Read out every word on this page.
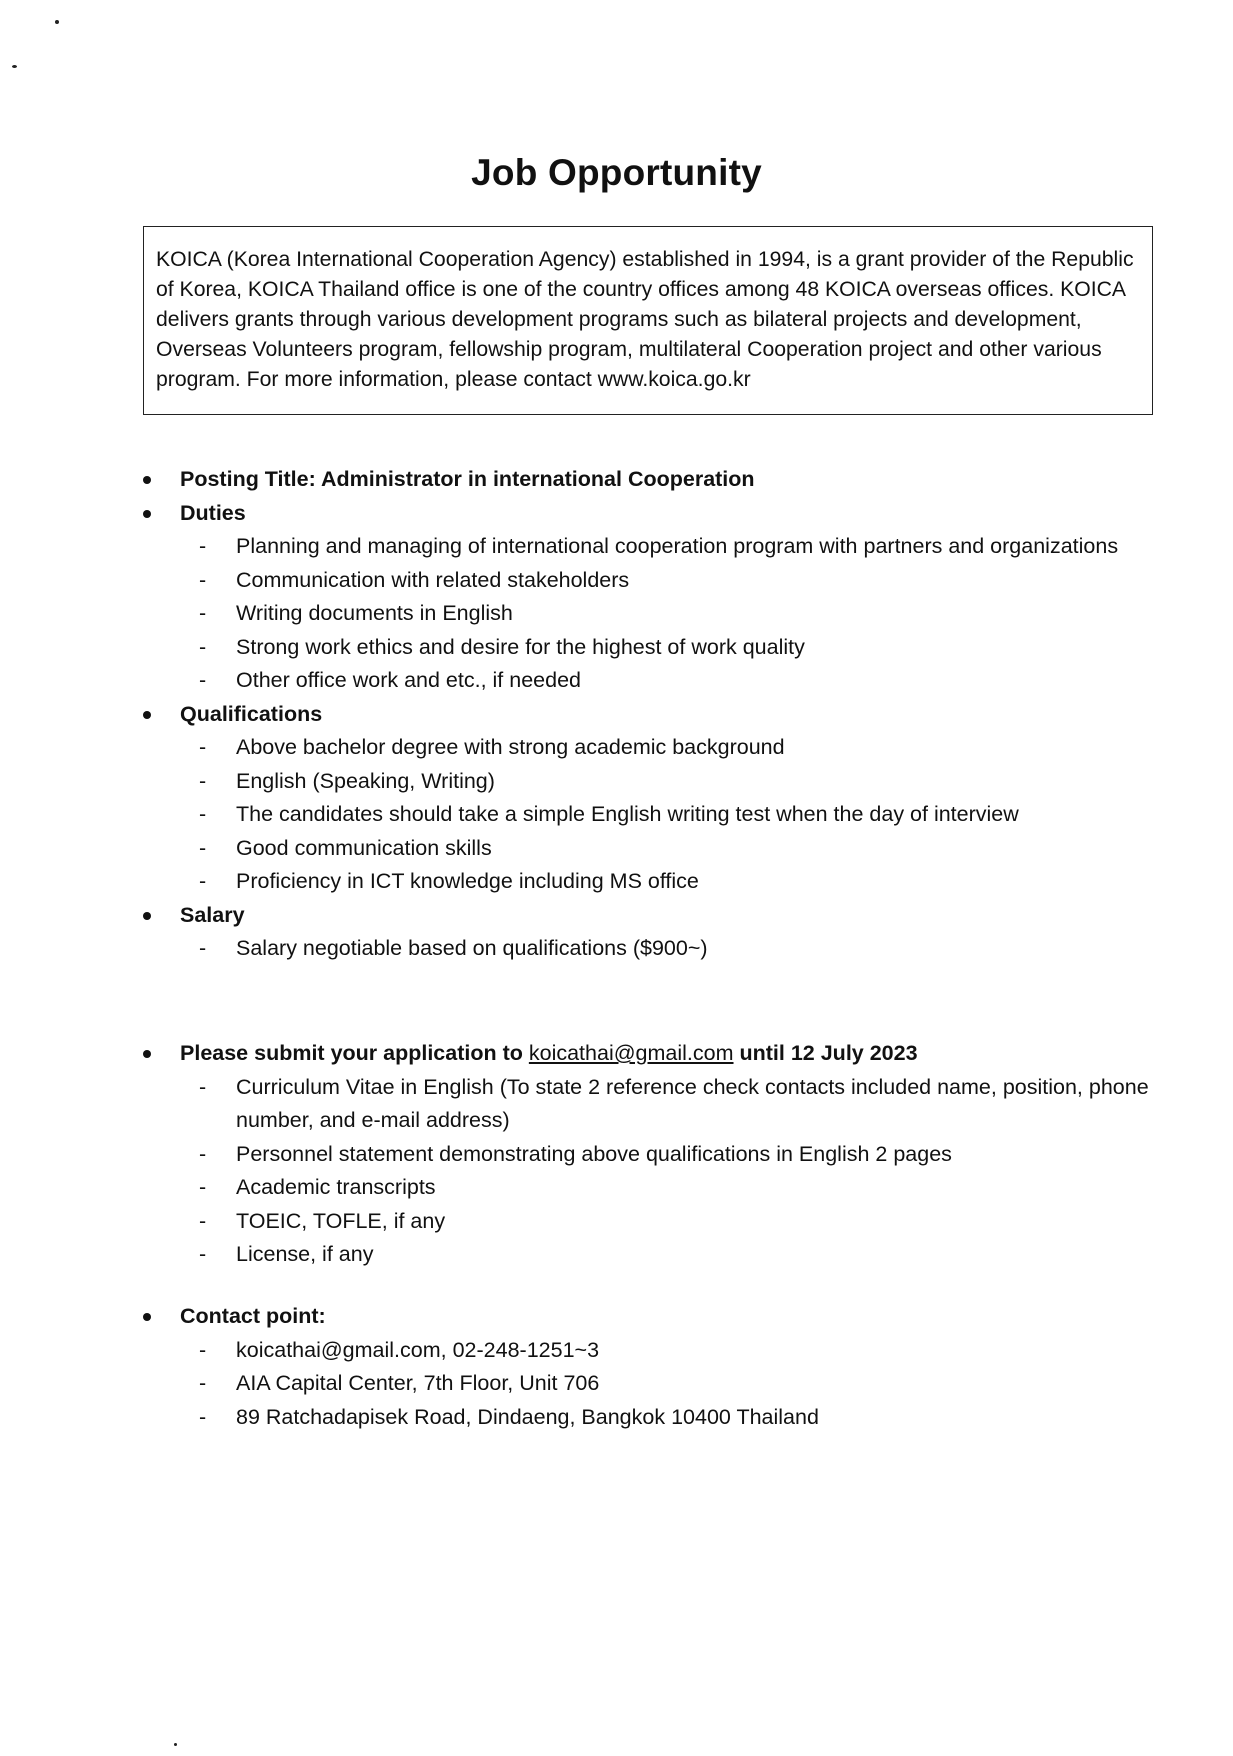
Job Opportunity

KOICA (Korea International Cooperation Agency) established in 1994, is a grant provider of the Republic of Korea, KOICA Thailand office is one of the country offices among 48 KOICA overseas offices. KOICA delivers grants through various development programs such as bilateral projects and development, Overseas Volunteers program, fellowship program, multilateral Cooperation project and other various program. For more information, please contact www.koica.go.kr

Posting Title: Administrator in international Cooperation
Duties
- Planning and managing of international cooperation program with partners and organizations
- Communication with related stakeholders
- Writing documents in English
- Strong work ethics and desire for the highest of work quality
- Other office work and etc., if needed
Qualifications
- Above bachelor degree with strong academic background
- English (Speaking, Writing)
- The candidates should take a simple English writing test when the day of interview
- Good communication skills
- Proficiency in ICT knowledge including MS office
Salary
- Salary negotiable based on qualifications ($900~)
Please submit your application to koicathai@gmail.com until 12 July 2023
- Curriculum Vitae in English (To state 2 reference check contacts included name, position, phone number, and e-mail address)
- Personnel statement demonstrating above qualifications in English 2 pages
- Academic transcripts
- TOEIC, TOFLE, if any
- License, if any
Contact point:
- koicathai@gmail.com, 02-248-1251~3
- AIA Capital Center, 7th Floor, Unit 706
- 89 Ratchadapisek Road, Dindaeng, Bangkok 10400 Thailand
